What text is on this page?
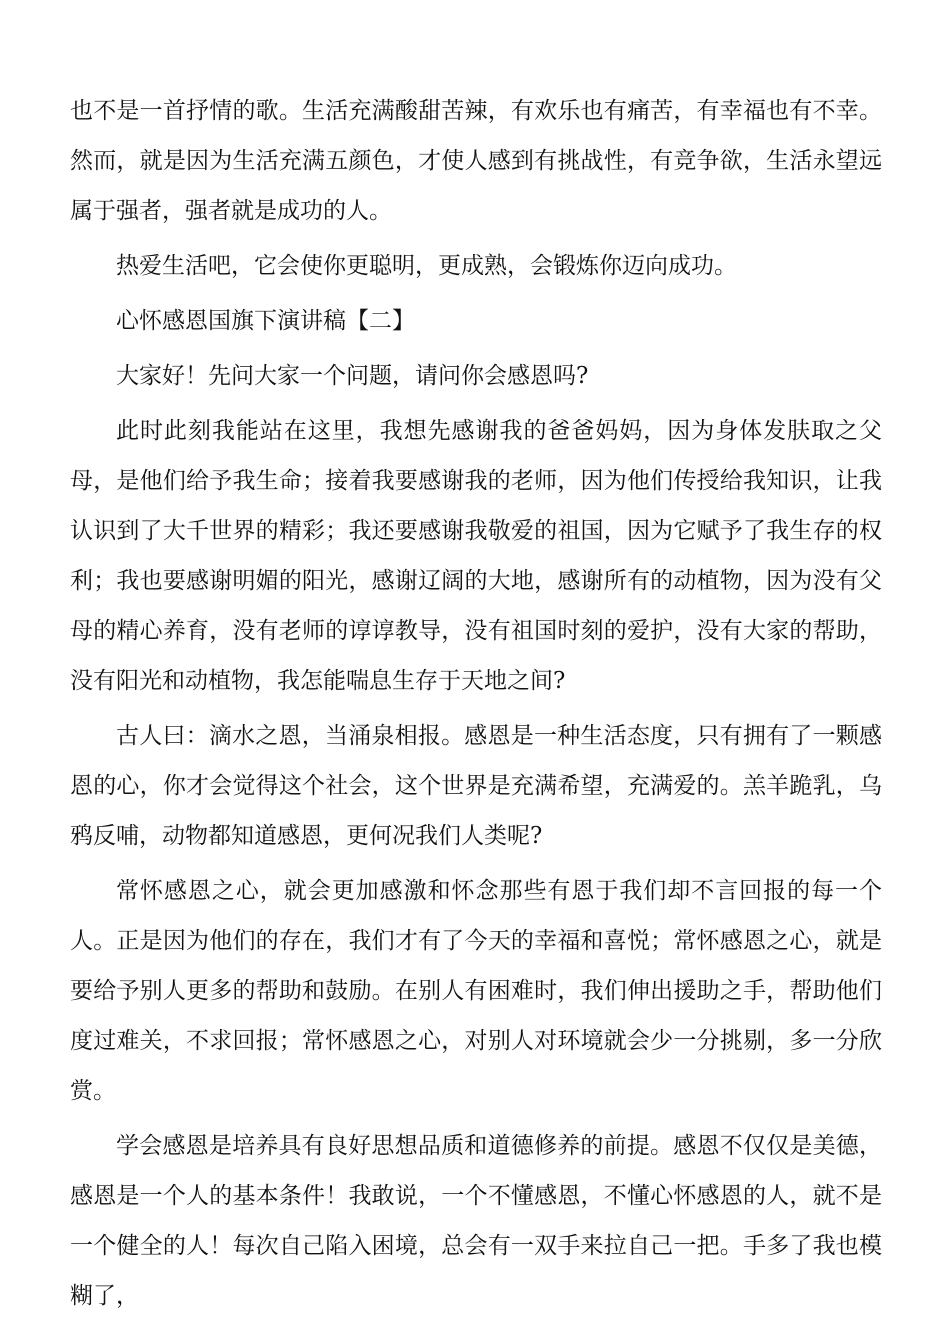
也不是一首抒情的歌。生活充满酸甜苦辣，有欢乐也有痛苦，有幸福也有不幸。然而，就是因为生活充满五颜色，才使人感到有挑战性，有竞争欲，生活永望远属于强者，强者就是成功的人。

热爱生活吧，它会使你更聪明，更成熟，会锻炼你迈向成功。

心怀感恩国旗下演讲稿【二】

大家好！先问大家一个问题，请问你会感恩吗?

此时此刻我能站在这里，我想先感谢我的爸爸妈妈，因为身体发肤取之父母，是他们给予我生命；接着我要感谢我的老师，因为他们传授给我知识，让我认识到了大千世界的精彩；我还要感谢我敬爱的祖国，因为它赋予了我生存的权利；我也要感谢明媚的阳光，感谢辽阔的大地，感谢所有的动植物，因为没有父母的精心养育，没有老师的谆谆教导，没有祖国时刻的爱护，没有大家的帮助，没有阳光和动植物，我怎能喘息生存于天地之间?

古人曰：滴水之恩，当涌泉相报。感恩是一种生活态度，只有拥有了一颗感恩的心，你才会觉得这个社会，这个世界是充满希望，充满爱的。羔羊跪乳，乌鸦反哺，动物都知道感恩，更何况我们人类呢?

常怀感恩之心，就会更加感激和怀念那些有恩于我们却不言回报的每一个人。正是因为他们的存在，我们才有了今天的幸福和喜悦；常怀感恩之心，就是要给予别人更多的帮助和鼓励。在别人有困难时，我们伸出援助之手，帮助他们度过难关，不求回报；常怀感恩之心，对别人对环境就会少一分挑剔，多一分欣赏。

学会感恩是培养具有良好思想品质和道德修养的前提。感恩不仅仅是美德，感恩是一个人的基本条件！我敢说，一个不懂感恩，不懂心怀感恩的人，就不是一个健全的人！每次自己陷入困境，总会有一双手来拉自己一把。手多了我也模糊了，
